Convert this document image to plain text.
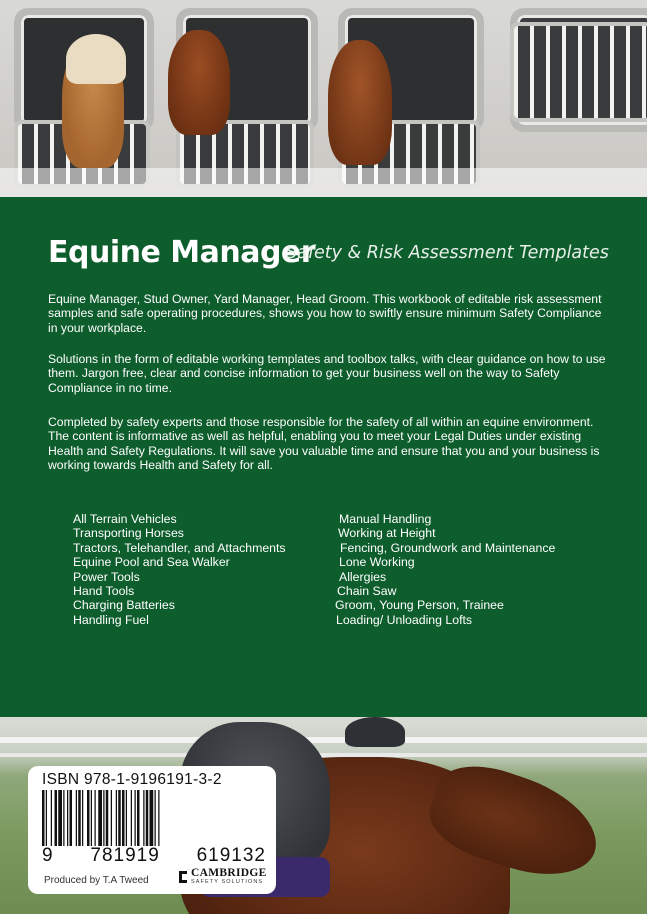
Equine Manager
Safety & Risk Assessment Templates

Equine Manager, Stud Owner, Yard Manager, Head Groom. This workbook of editable risk assessment samples and safe operating procedures, shows you how to swiftly ensure minimum Safety Compliance in your workplace.

Solutions in the form of editable working templates and toolbox talks, with clear guidance on how to use them. Jargon free, clear and concise information to get your business well on the way to Safety Compliance in no time.

Completed by safety experts and those responsible for the safety of all within an equine environment. The content is informative as well as helpful, enabling you to meet your Legal Duties under existing Health and Safety Regulations. It will save you valuable time and ensure that you and your business is working towards Health and Safety for all.

All Terrain Vehicles
Transporting Horses
Tractors, Telehandler, and Attachments
Equine Pool and Sea Walker
Power Tools
Hand Tools
Charging Batteries
Handling Fuel
Manual Handling
Working at Height
Fencing, Groundwork and Maintenance
Lone Working
Allergies
Chain Saw
Groom, Young Person, Trainee
Loading/ Unloading Lofts
ISBN 978-1-9196191-3-2
9 781919 619132
Produced by T.A Tweed
CAMBRIDGE
SAFETY SOLUTIONS
